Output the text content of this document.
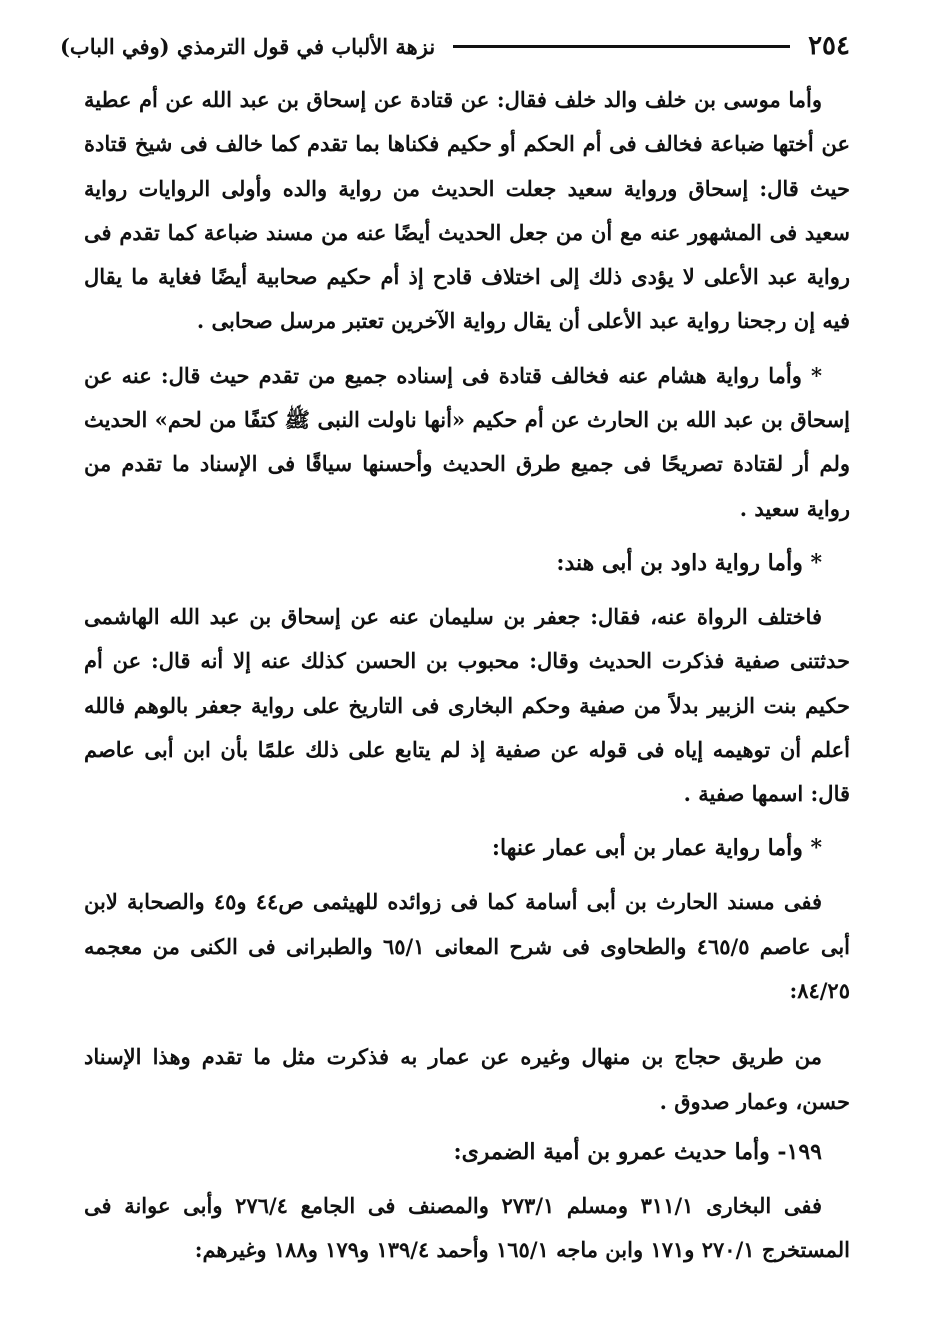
٢٥٤
نزهة الألباب في قول الترمذي (وفي الباب)

وأما موسى بن خلف والد خلف فقال: عن قتادة عن إسحاق بن عبد الله عن أم عطية عن أختها ضباعة فخالف فى أم الحكم أو حكيم فكناها بما تقدم كما خالف فى شيخ قتادة حيث قال: إسحاق ورواية سعيد جعلت الحديث من رواية والده وأولى الروايات رواية سعيد فى المشهور عنه مع أن من جعل الحديث أيضًا عنه من مسند ضباعة كما تقدم فى رواية عبد الأعلى لا يؤدى ذلك إلى اختلاف قادح إذ أم حكيم صحابية أيضًا فغاية ما يقال فيه إن رجحنا رواية عبد الأعلى أن يقال رواية الآخرين تعتبر مرسل صحابى .

* وأما رواية هشام عنه فخالف قتادة فى إسناده جميع من تقدم حيث قال: عنه عن إسحاق بن عبد الله بن الحارث عن أم حكيم «أنها ناولت النبى ﷺ كتفًا من لحم» الحديث ولم أر لقتادة تصريحًا فى جميع طرق الحديث وأحسنها سياقًا فى الإسناد ما تقدم من رواية سعيد .

* وأما رواية داود بن أبى هند:

فاختلف الرواة عنه، فقال: جعفر بن سليمان عنه عن إسحاق بن عبد الله الهاشمى حدثتنى صفية فذكرت الحديث وقال: محبوب بن الحسن كذلك عنه إلا أنه قال: عن أم حكيم بنت الزبير بدلاً من صفية وحكم البخارى فى التاريخ على رواية جعفر بالوهم فالله أعلم أن توهيمه إياه فى قوله عن صفية إذ لم يتابع على ذلك علمًا بأن ابن أبى عاصم قال: اسمها صفية .

* وأما رواية عمار بن أبى عمار عنها:

ففى مسند الحارث بن أبى أسامة كما فى زوائده للهيثمى ص٤٤ و٤٥ والصحابة لابن أبى عاصم ٤٦٥/٥ والطحاوى فى شرح المعانى ٦٥/١ والطبرانى فى الكنى من معجمه ٨٤/٢٥:

من طريق حجاج بن منهال وغيره عن عمار به فذكرت مثل ما تقدم وهذا الإسناد حسن، وعمار صدوق .

١٩٩- وأما حديث عمرو بن أمية الضمرى:

ففى البخارى ٣١١/١ ومسلم ٢٧٣/١ والمصنف فى الجامع ٢٧٦/٤ وأبى عوانة فى المستخرج ٢٧٠/١ و١٧١ وابن ماجه ١٦٥/١ وأحمد ١٣٩/٤ و١٧٩ و١٨٨ وغيرهم:
